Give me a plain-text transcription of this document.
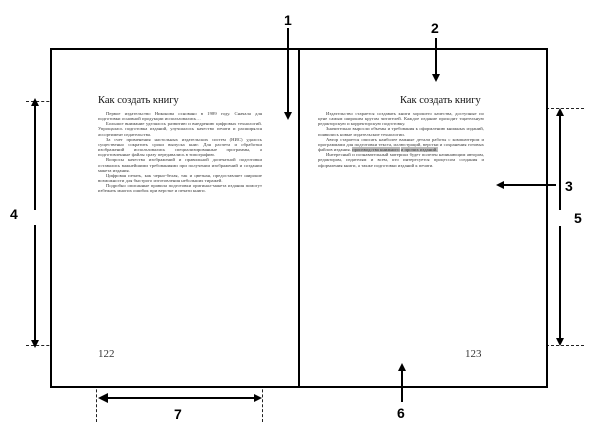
Как создать книгу

Первое издательство Никонова основано в 1989 году. Сначала для подготовки основной продукции использовались…

Большое внимание уделялось развитию и внедрению цифровых технологий. Упрощалась подготовка изданий, улучшалось качество печати и расширялся ассортимент издательства.

За счет применения настольных издательских систем (НИС) удалось существенно сократить сроки выпуска книг. Для расчета и обработки изображений использовались специализированные программы, а подготовленные файлы сразу передавались в типографию.

Вопросы качества изображений и правильной допечатной подготовки оставались важнейшими требованиями при получении изображений и создании макета издания.

Цифровая печать, как черно-белая, так и цветная, предоставляет широкие возможности для быстрого изготовления небольших тиражей.

Подробно описанные правила подготовки оригинал-макета издания помогут избежать многих ошибок при верстке и печати книги.

122
Как создать книгу

Издательство старается создавать книги хорошего качества, доступные по цене самым широким кругам читателей. Каждое издание проходит тщательную редакторскую и корректорскую подготовку.

Значительно выросли объемы и требования к оформлению книжных изданий, появились новые издательские технологии.

Автор старается описать наиболее важные детали работы с компьютером и программами для подготовки текста, иллюстраций, верстки и сохранения готовых файлов издания. производства книжного и прочих изданий.

Интересный и познавательный материал будет полезен начинающим авторам, редакторам, издателям и всем, кто интересуется процессом создания и оформления книги, а также подготовки изданий к печати.

123
1	2
3
4	5
6
7
